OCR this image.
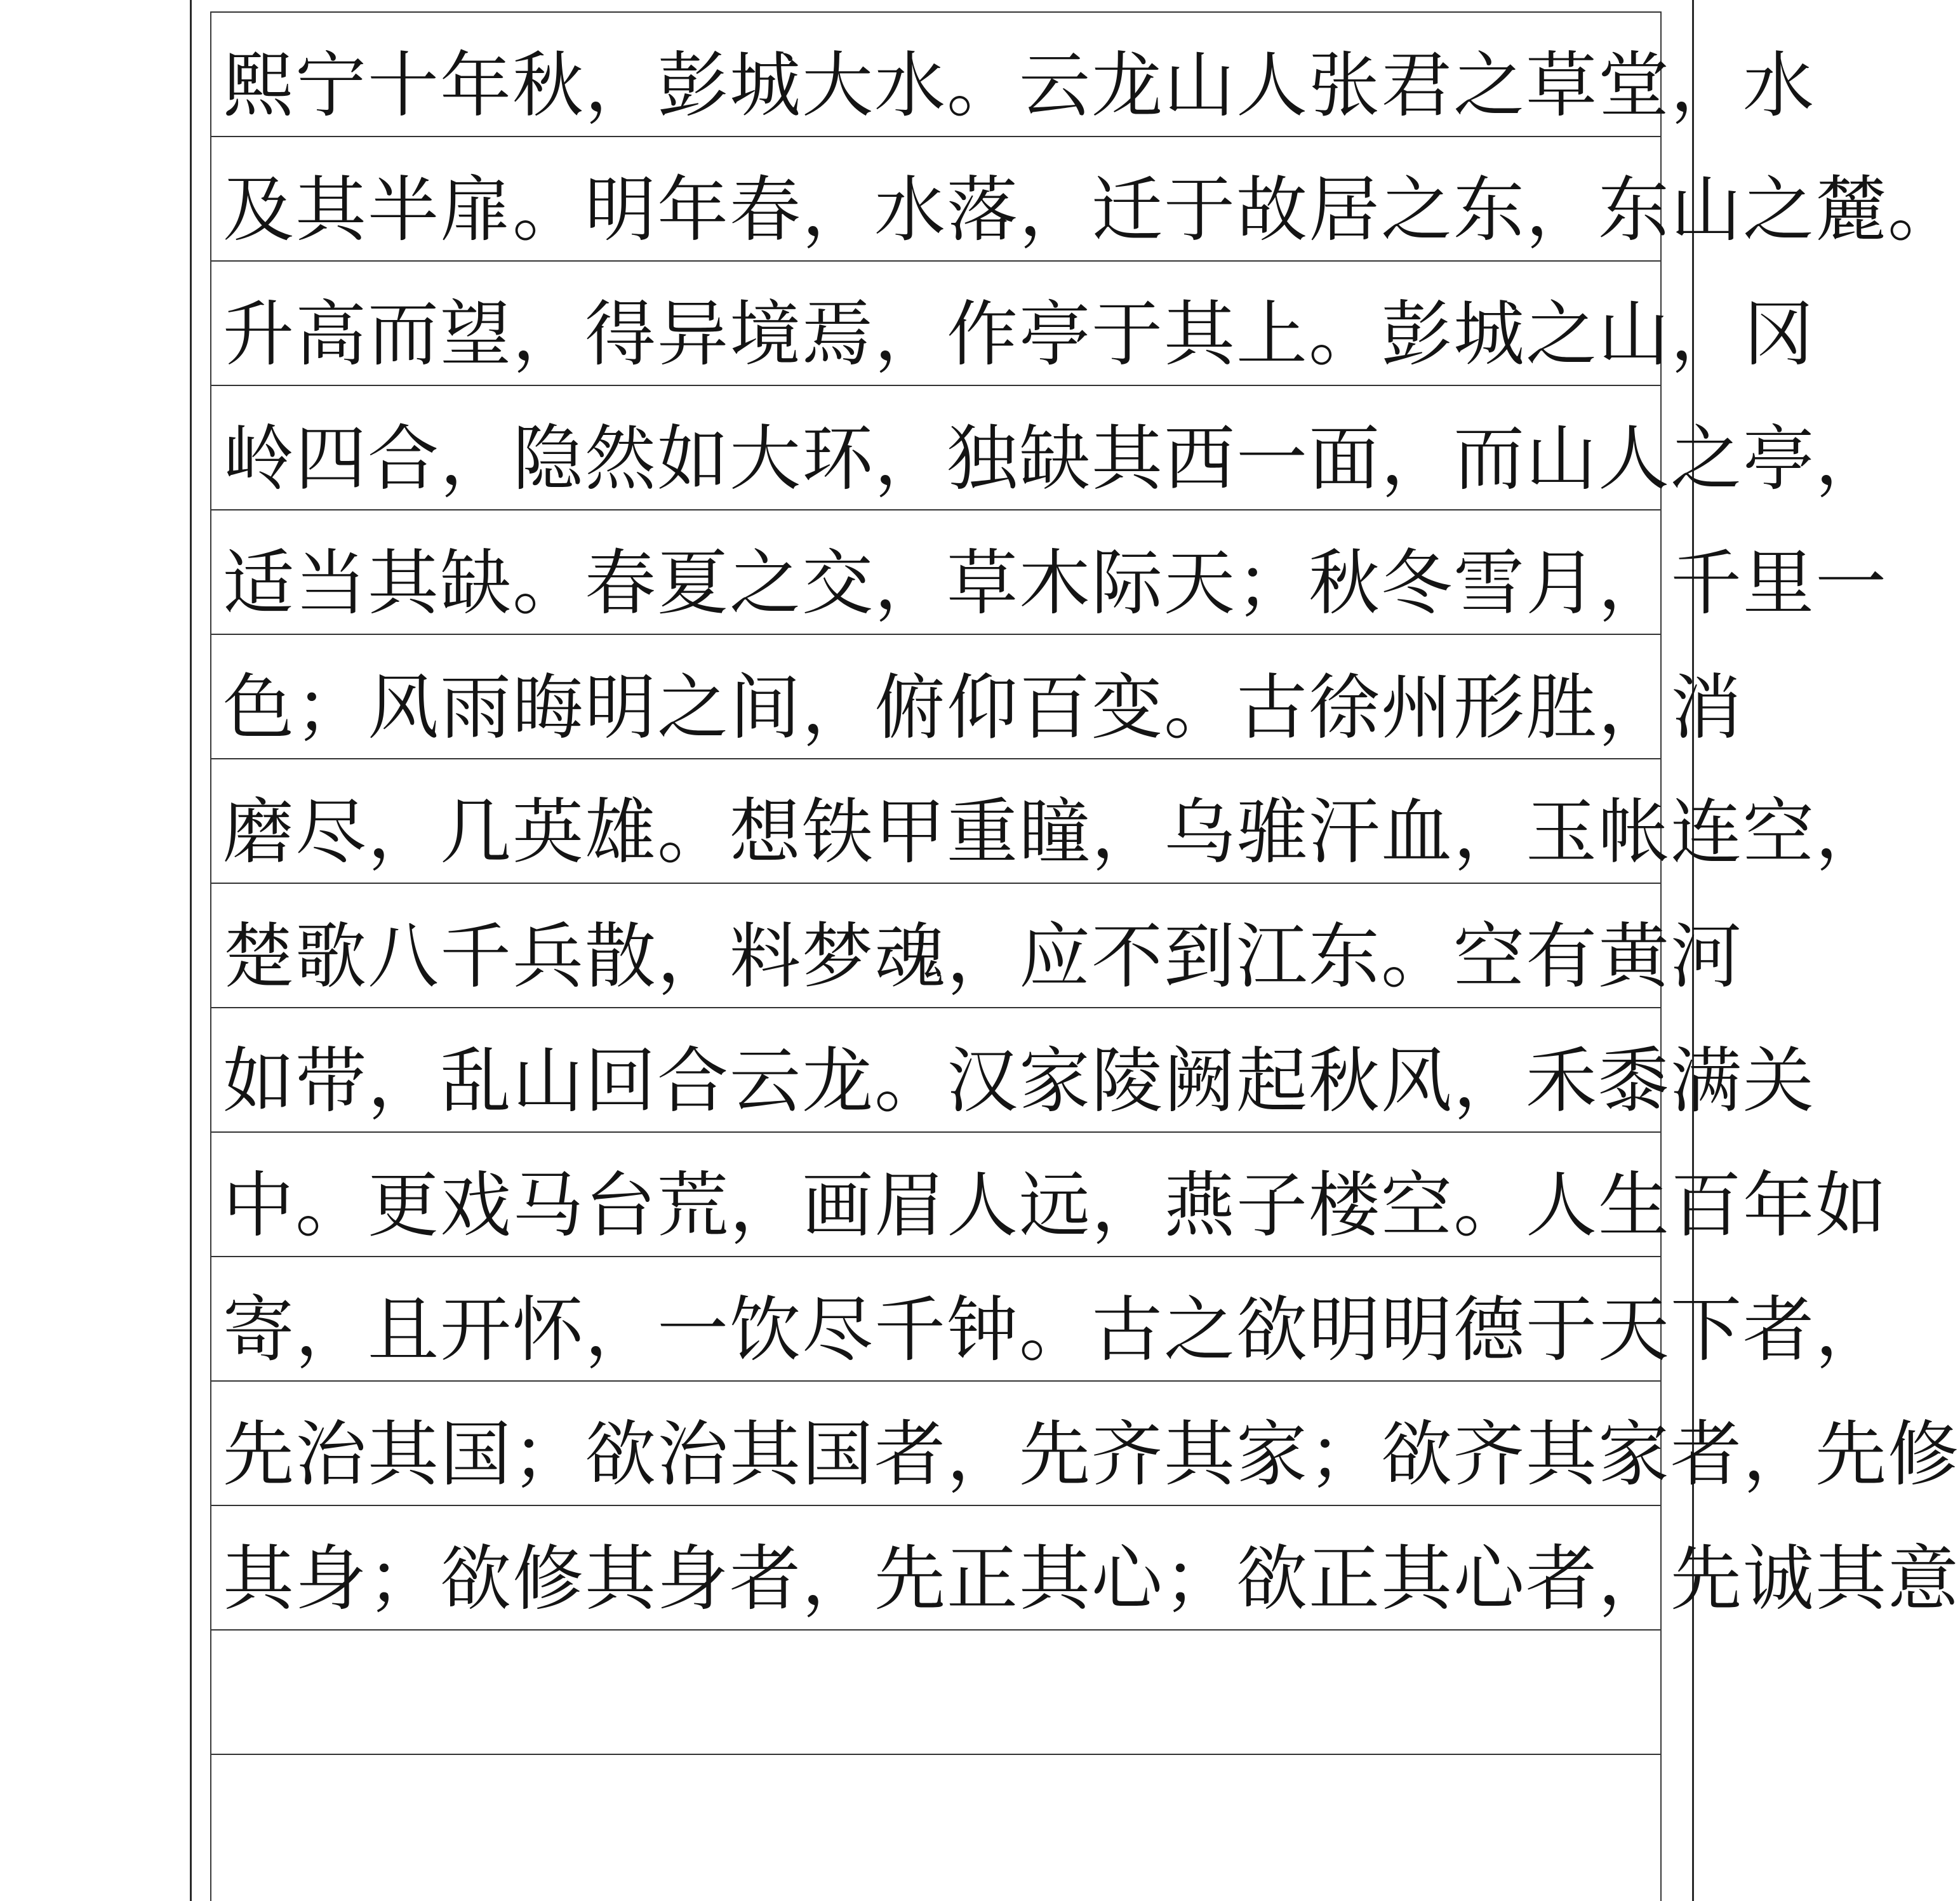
熙宁十年秋，彭城大水。云龙山人张君之草堂，水
及其半扉。明年春，水落，迁于故居之东，东山之麓。
升高而望，得异境焉，作亭于其上。彭城之山，冈
岭四合，隐然如大环，独缺其西一面，而山人之亭，
适当其缺。春夏之交，草木际天；秋冬雪月，千里一
色；风雨晦明之间，俯仰百变。古徐州形胜，消
磨尽，几英雄。想铁甲重瞳，乌骓汗血，玉帐连空，
楚歌八千兵散，料梦魂，应不到江东。空有黄河
如带，乱山回合云龙。汉家陵阙起秋风，禾黍满关
中。更戏马台荒，画眉人远，燕子楼空。人生百年如
寄，且开怀，一饮尽千钟。古之欲明明德于天下者，
先治其国；欲治其国者，先齐其家；欲齐其家者，先修
其身；欲修其身者，先正其心；欲正其心者，先诚其意
